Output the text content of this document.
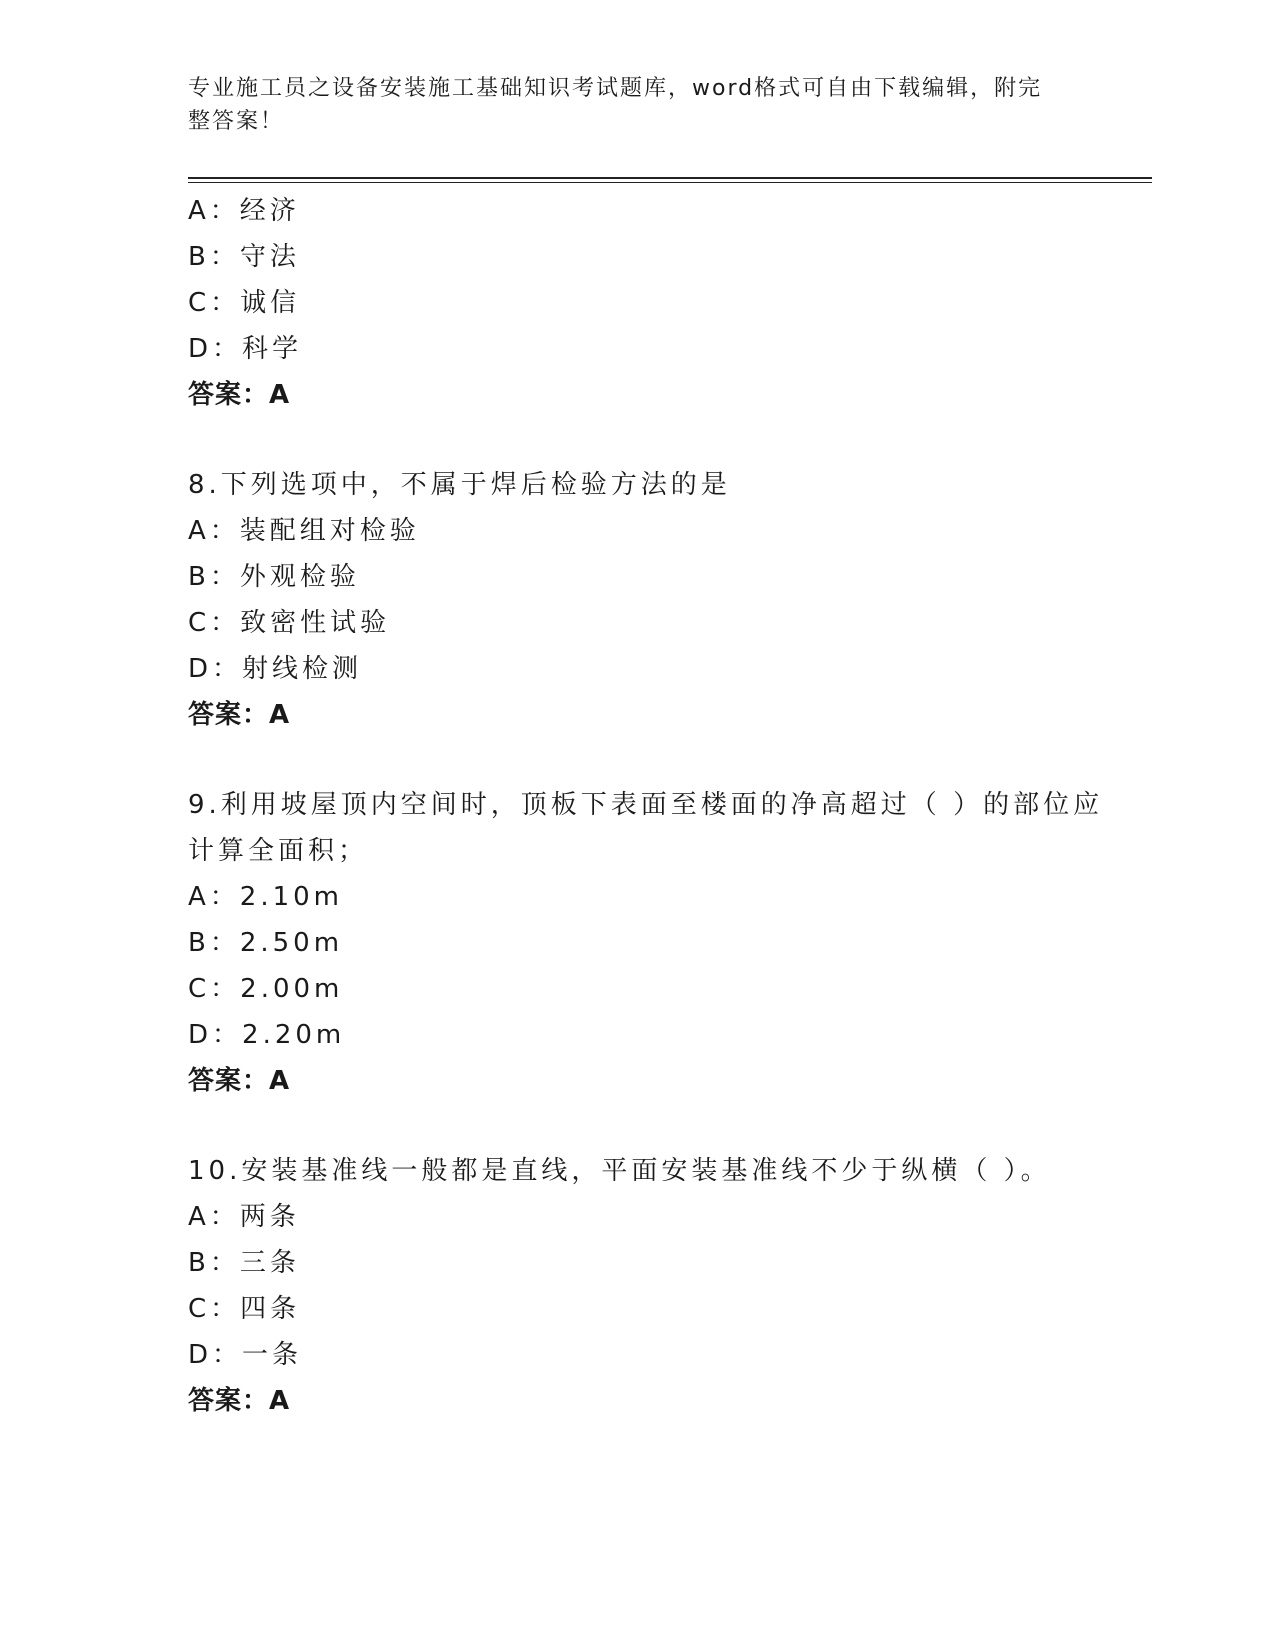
专业施工员之设备安装施工基础知识考试题库，word格式可自由下载编辑，附完
整答案！
A：经济
B：守法
C：诚信
D：科学
答案：A
8.下列选项中，不属于焊后检验方法的是
A：装配组对检验
B：外观检验
C：致密性试验
D：射线检测
答案：A
9.利用坡屋顶内空间时，顶板下表面至楼面的净高超过（ ）的部位应
计算全面积；
A：2.10m
B：2.50m
C：2.00m
D：2.20m
答案：A
10.安装基准线一般都是直线，平面安装基准线不少于纵横（ ）。
A：两条
B：三条
C：四条
D：一条
答案：A
